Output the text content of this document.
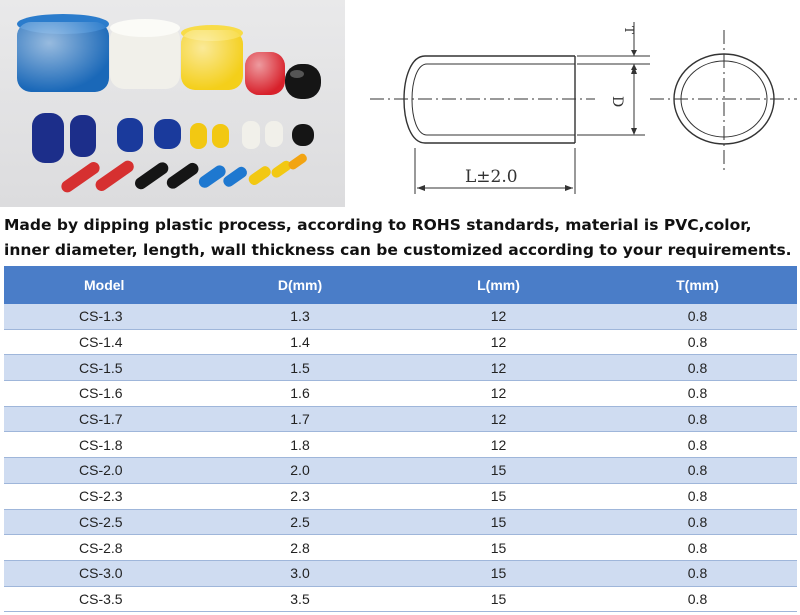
T
D
L±2.0

Made by dipping plastic process, according to ROHS standards, material is PVC,color, inner diameter, length, wall thickness can be customized according to your requirements.

Model	D(mm)	L(mm)	T(mm)
CS-1.3	1.3	12	0.8
CS-1.4	1.4	12	0.8
CS-1.5	1.5	12	0.8
CS-1.6	1.6	12	0.8
CS-1.7	1.7	12	0.8
CS-1.8	1.8	12	0.8
CS-2.0	2.0	15	0.8
CS-2.3	2.3	15	0.8
CS-2.5	2.5	15	0.8
CS-2.8	2.8	15	0.8
CS-3.0	3.0	15	0.8
CS-3.5	3.5	15	0.8
